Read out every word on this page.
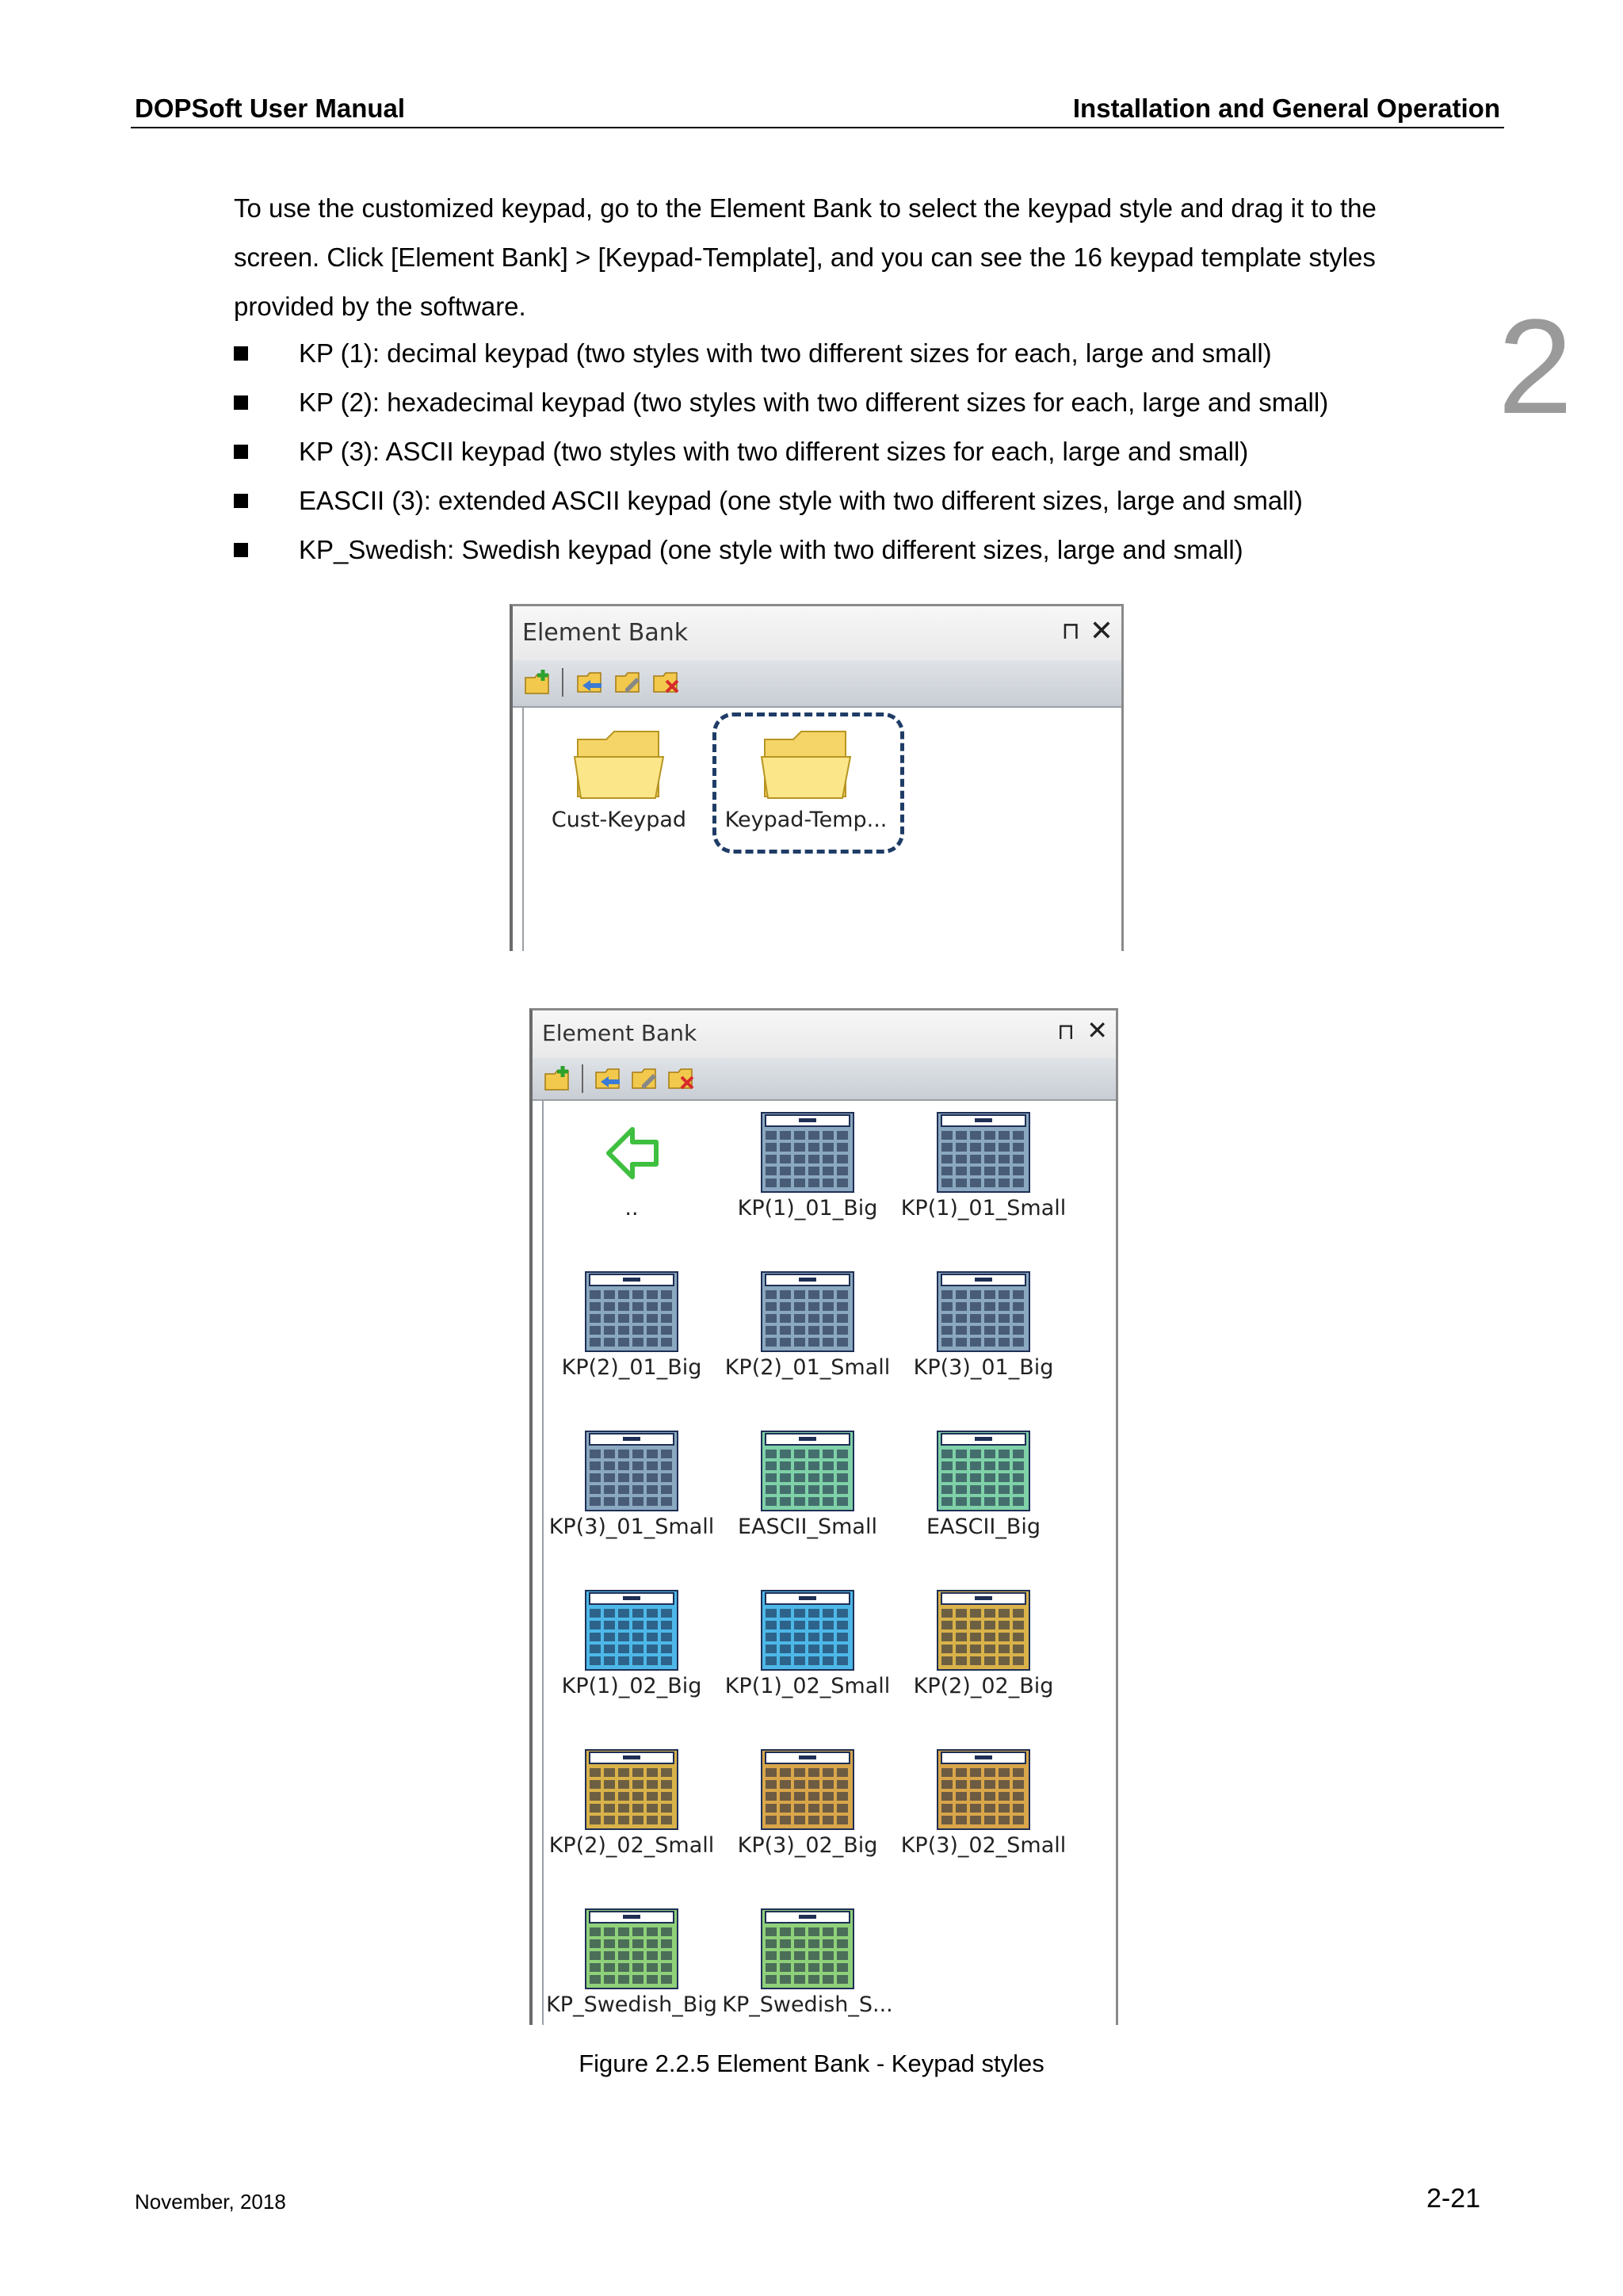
DOPSoft User Manual	Installation and General Operation
2
To use the customized keypad, go to the Element Bank to select the keypad style and drag it to the screen. Click [Element Bank] > [Keypad-Template], and you can see the 16 keypad template styles provided by the software.
KP (1): decimal keypad (two styles with two different sizes for each, large and small)
KP (2): hexadecimal keypad (two styles with two different sizes for each, large and small)
KP (3): ASCII keypad (two styles with two different sizes for each, large and small)
EASCII (3): extended ASCII keypad (one style with two different sizes, large and small)
KP_Swedish: Swedish keypad (one style with two different sizes, large and small)
Element Bank	⊓ ✕
Cust-Keypad	Keypad-Temp...
Element Bank	⊓ ✕
..	KP(1)_01_Big	KP(1)_01_Small
KP(2)_01_Big	KP(2)_01_Small	KP(3)_01_Big
KP(3)_01_Small	EASCII_Small	EASCII_Big
KP(1)_02_Big	KP(1)_02_Small	KP(2)_02_Big
KP(2)_02_Small	KP(3)_02_Big	KP(3)_02_Small
KP_Swedish_Big KP_Swedish_S...
Figure 2.2.5 Element Bank - Keypad styles
November, 2018	2-21
